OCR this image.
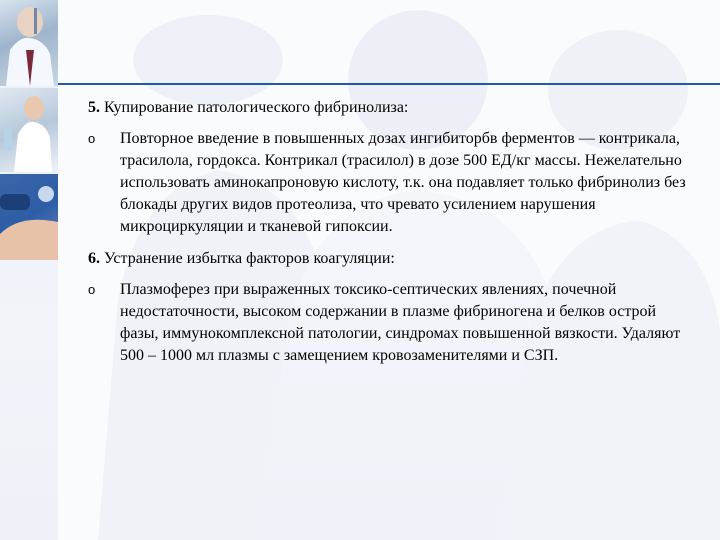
5. Купирование патологического фибринолиза:

o Повторное введение в повышенных дозах ингибиторбв ферментов — контрикала, трасилола, гордокса. Контрикал (трасилол) в дозе 500 ЕД/кг массы. Нежелательно использовать аминокапроновую кислоту, т.к. она подавляет только фибринолиз без блокады других видов протеолиза, что чревато усилением нарушения микроциркуляции и тканевой гипоксии.

6. Устранение избытка факторов коагуляции:

o Плазмоферез при выраженных токсико-септических явлениях, почечной недостаточности, высоком содержании в плазме фибриногена и белков острой фазы, иммунокомплексной патологии, синдромах повышенной вязкости. Удаляют 500 – 1000 мл плазмы с замещением кровозаменителями и СЗП.
